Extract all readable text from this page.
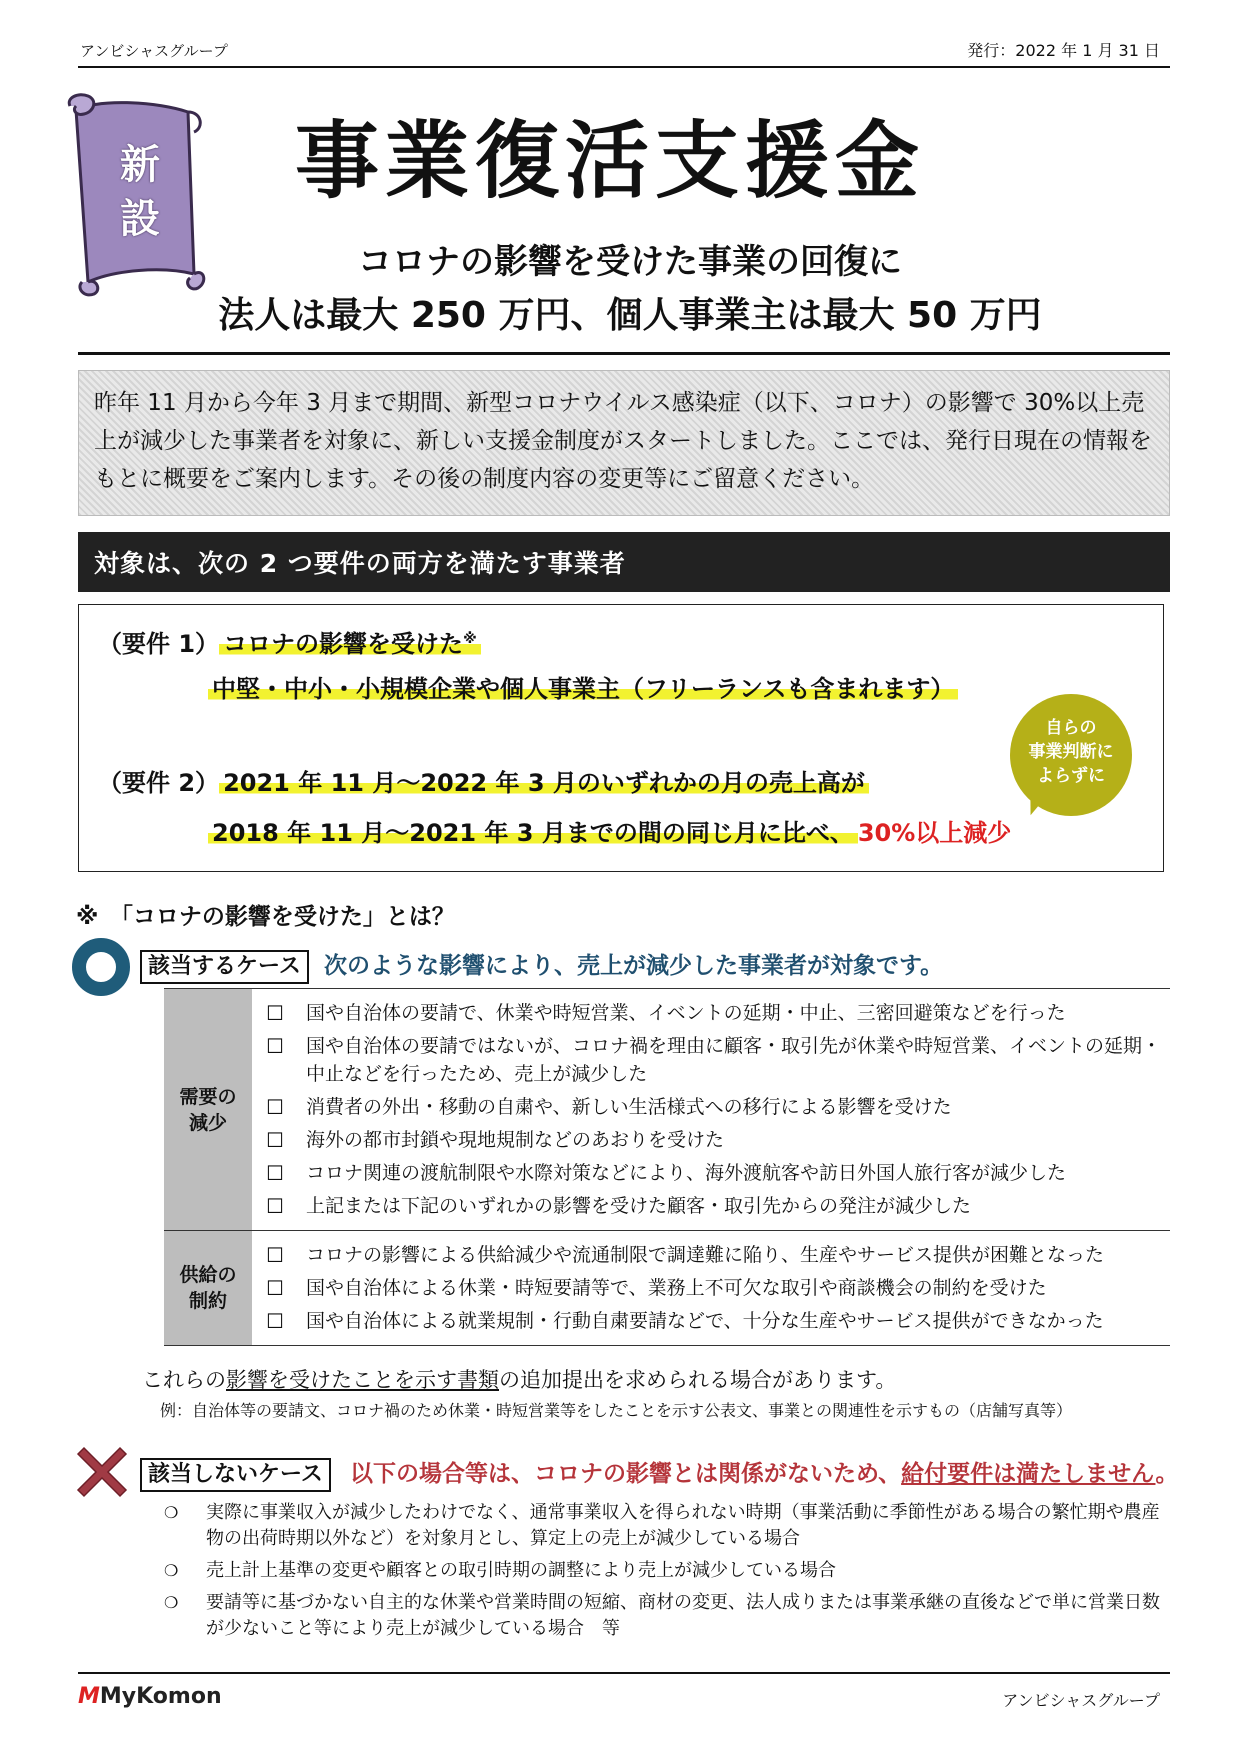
アンビシャスグループ	発行：2022 年 1 月 31 日
新
設
事業復活支援金
コロナの影響を受けた事業の回復に
法人は最大 250 万円、個人事業主は最大 50 万円
昨年 11 月から今年 3 月まで期間、新型コロナウイルス感染症（以下、コロナ）の影響で 30%以上売上が減少した事業者を対象に、新しい支援金制度がスタートしました。ここでは、発行日現在の情報をもとに概要をご案内します。その後の制度内容の変更等にご留意ください。
対象は、次の 2 つ要件の両方を満たす事業者
（要件 1） コロナの影響を受けた※
中堅・中小・小規模企業や個人事業主（フリーランスも含まれます）
（要件 2） 2021 年 11 月～2022 年 3 月のいずれかの月の売上高が
2018 年 11 月～2021 年 3 月までの間の同じ月に比べ、 30%以上減少
自らの
事業判断に
よらずに
※　「コロナの影響を受けた」とは？
該当するケース	次のような影響により、売上が減少した事業者が対象です。
需要の
減少
☐	国や自治体の要請で、休業や時短営業、イベントの延期・中止、三密回避策などを行った
☐	国や自治体の要請ではないが、コロナ禍を理由に顧客・取引先が休業や時短営業、イベントの延期・中止などを行ったため、売上が減少した
☐	消費者の外出・移動の自粛や、新しい生活様式への移行による影響を受けた
☐	海外の都市封鎖や現地規制などのあおりを受けた
☐	コロナ関連の渡航制限や水際対策などにより、海外渡航客や訪日外国人旅行客が減少した
☐	上記または下記のいずれかの影響を受けた顧客・取引先からの発注が減少した
供給の
制約
☐	コロナの影響による供給減少や流通制限で調達難に陥り、生産やサービス提供が困難となった
☐	国や自治体による休業・時短要請等で、業務上不可欠な取引や商談機会の制約を受けた
☐	国や自治体による就業規制・行動自粛要請などで、十分な生産やサービス提供ができなかった
これらの影響を受けたことを示す書類の追加提出を求められる場合があります。
例：自治体等の要請文、コロナ禍のため休業・時短営業等をしたことを示す公表文、事業との関連性を示すもの（店舗写真等）
該当しないケース	以下の場合等は、コロナの影響とは関係がないため、給付要件は満たしません。
❍	実際に事業収入が減少したわけでなく、通常事業収入を得られない時期（事業活動に季節性がある場合の繁忙期や農産物の出荷時期以外など）を対象月とし、算定上の売上が減少している場合
❍	売上計上基準の変更や顧客との取引時期の調整により売上が減少している場合
❍	要請等に基づかない自主的な休業や営業時間の短縮、商材の変更、法人成りまたは事業承継の直後などで単に営業日数が少ないこと等により売上が減少している場合　等
MMyKomon	アンビシャスグループ
